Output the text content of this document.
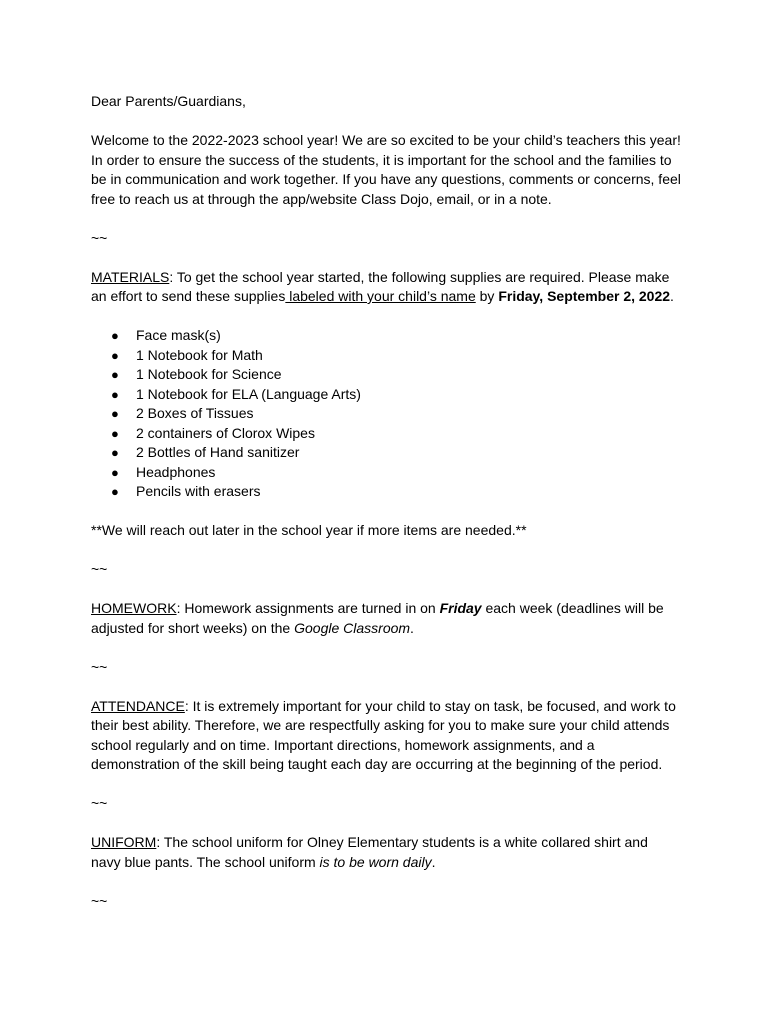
Dear Parents/Guardians,

Welcome to the 2022-2023 school year! We are so excited to be your child’s teachers this year! In order to ensure the success of the students, it is important for the school and the families to be in communication and work together. If you have any questions, comments or concerns, feel free to reach us at through the app/website Class Dojo, email, or in a note.

~~

MATERIALS: To get the school year started, the following supplies are required. Please make an effort to send these supplies labeled with your child’s name by Friday, September 2, 2022.

● Face mask(s)
● 1 Notebook for Math
● 1 Notebook for Science
● 1 Notebook for ELA (Language Arts)
● 2 Boxes of Tissues
● 2 containers of Clorox Wipes
● 2 Bottles of Hand sanitizer
● Headphones
● Pencils with erasers

**We will reach out later in the school year if more items are needed.**

~~

HOMEWORK: Homework assignments are turned in on Friday each week (deadlines will be adjusted for short weeks) on the Google Classroom.

~~

ATTENDANCE: It is extremely important for your child to stay on task, be focused, and work to their best ability. Therefore, we are respectfully asking for you to make sure your child attends school regularly and on time. Important directions, homework assignments, and a demonstration of the skill being taught each day are occurring at the beginning of the period.

~~

UNIFORM: The school uniform for Olney Elementary students is a white collared shirt and navy blue pants. The school uniform is to be worn daily.

~~
